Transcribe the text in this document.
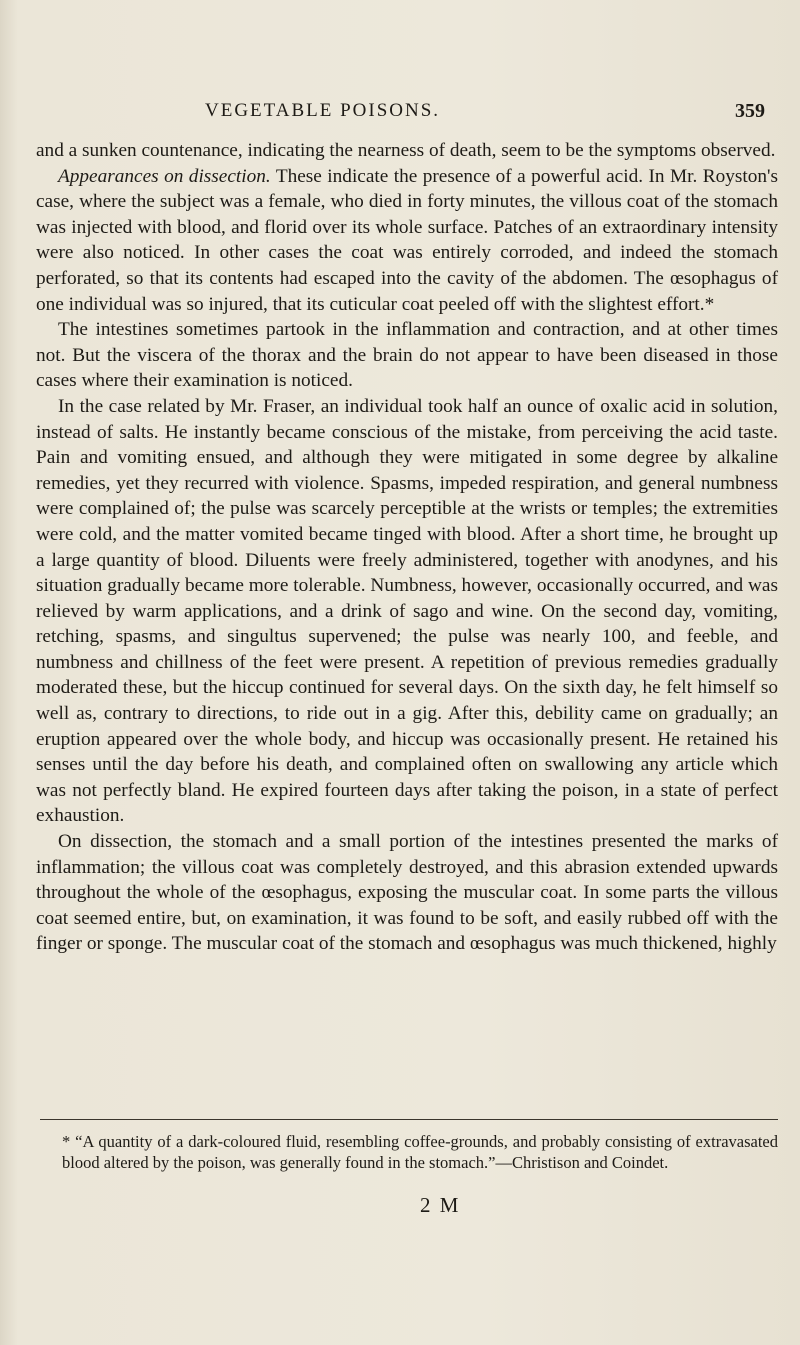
VEGETABLE POISONS.	359

and a sunken countenance, indicating the nearness of death, seem to be the symptoms observed.

Appearances on dissection. These indicate the presence of a powerful acid. In Mr. Royston's case, where the subject was a female, who died in forty minutes, the villous coat of the stomach was injected with blood, and florid over its whole surface. Patches of an extraordinary intensity were also noticed. In other cases the coat was entirely corroded, and indeed the stomach perforated, so that its contents had escaped into the cavity of the abdomen. The œsophagus of one individual was so injured, that its cuticular coat peeled off with the slightest effort.*

The intestines sometimes partook in the inflammation and contraction, and at other times not. But the viscera of the thorax and the brain do not appear to have been diseased in those cases where their examination is noticed.

In the case related by Mr. Fraser, an individual took half an ounce of oxalic acid in solution, instead of salts. He instantly became conscious of the mistake, from perceiving the acid taste. Pain and vomiting ensued, and although they were mitigated in some degree by alkaline remedies, yet they recurred with violence. Spasms, impeded respiration, and general numbness were complained of; the pulse was scarcely perceptible at the wrists or temples; the extremities were cold, and the matter vomited became tinged with blood. After a short time, he brought up a large quantity of blood. Diluents were freely administered, together with anodynes, and his situation gradually became more tolerable. Numbness, however, occasionally occurred, and was relieved by warm applications, and a drink of sago and wine. On the second day, vomiting, retching, spasms, and singultus supervened; the pulse was nearly 100, and feeble, and numbness and chillness of the feet were present. A repetition of previous remedies gradually moderated these, but the hiccup continued for several days. On the sixth day, he felt himself so well as, contrary to directions, to ride out in a gig. After this, debility came on gradually; an eruption appeared over the whole body, and hiccup was occasionally present. He retained his senses until the day before his death, and complained often on swallowing any article which was not perfectly bland. He expired fourteen days after taking the poison, in a state of perfect exhaustion.

On dissection, the stomach and a small portion of the intestines presented the marks of inflammation; the villous coat was completely destroyed, and this abrasion extended upwards throughout the whole of the œsophagus, exposing the muscular coat. In some parts the villous coat seemed entire, but, on examination, it was found to be soft, and easily rubbed off with the finger or sponge. The muscular coat of the stomach and œsophagus was much thickened, highly

* “A quantity of a dark-coloured fluid, resembling coffee-grounds, and probably consisting of extravasated blood altered by the poison, was generally found in the stomach.”—Christison and Coindet.
2 M
